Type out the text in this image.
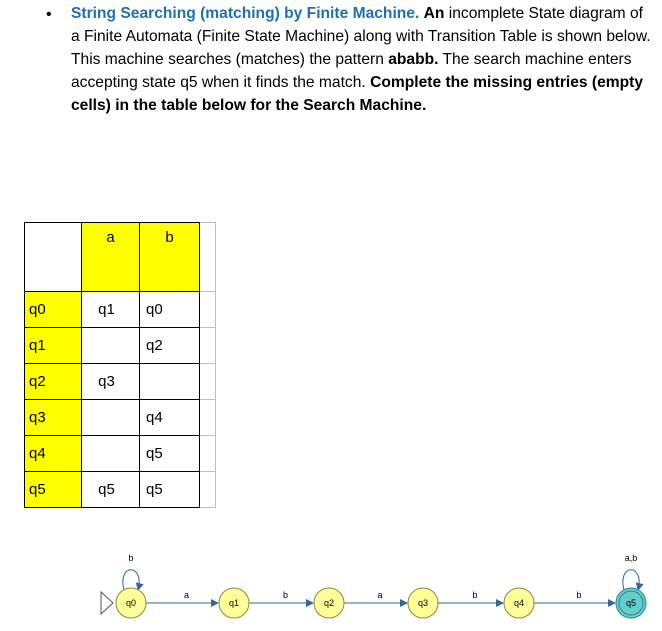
• String Searching (matching) by Finite Machine. An incomplete State diagram of a Finite Automata (Finite State Machine) along with Transition Table is shown below. This machine searches (matches) the pattern ababb. The search machine enters accepting state q5 when it finds the match. Complete the missing entries (empty cells) in the table below for the Search Machine.
	a	b	
q0	q1	q0	
q1		q2	
q2	q3		
q3		q4	
q4		q5	
q5	q5	q5	
b
a	b	a	b	b
a,b
q0	q1	q2	q3	q4	q5
